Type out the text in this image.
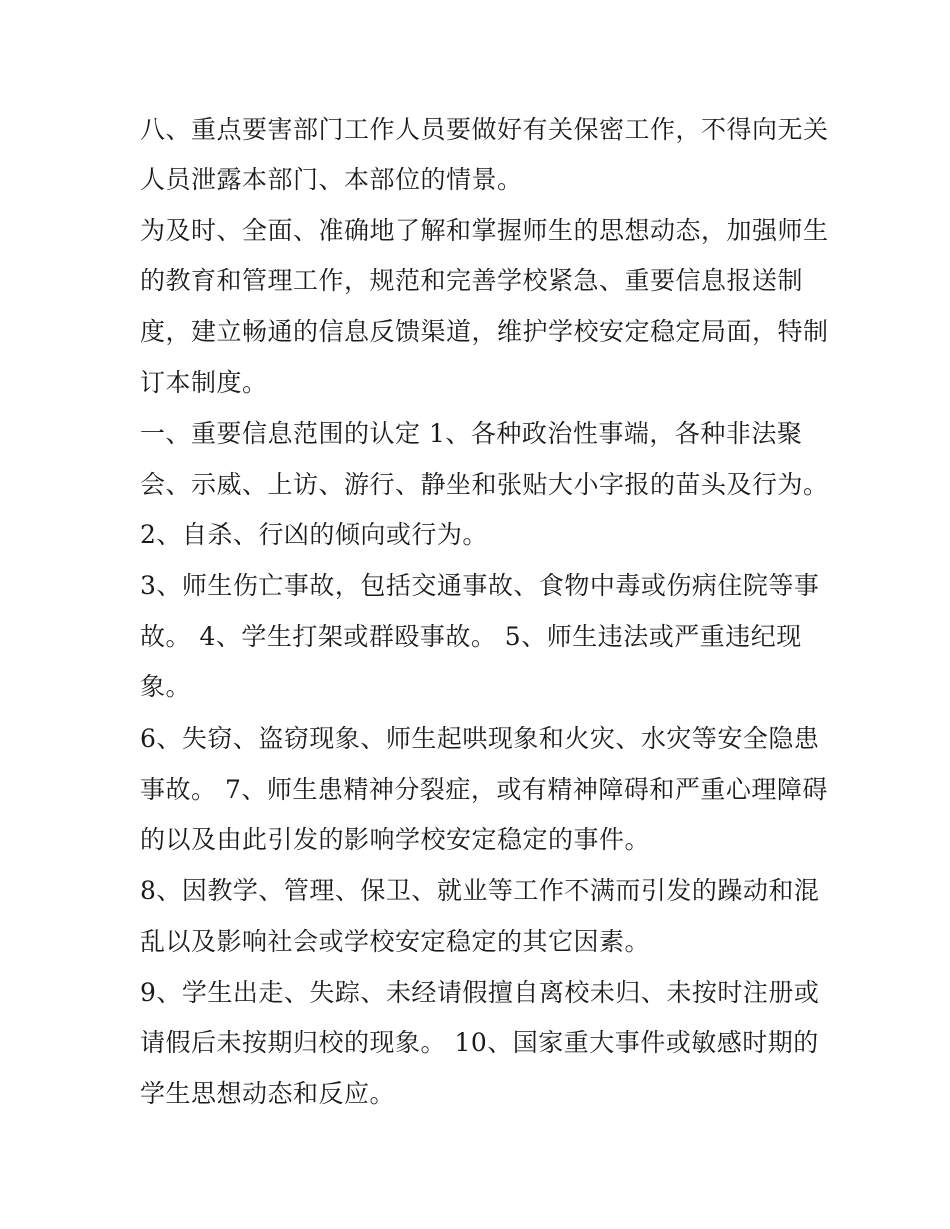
八、重点要害部门工作人员要做好有关保密工作，不得向无关
人员泄露本部门、本部位的情景。
为及时、全面、准确地了解和掌握师生的思想动态，加强师生
的教育和管理工作，规范和完善学校紧急、重要信息报送制
度，建立畅通的信息反馈渠道，维护学校安定稳定局面，特制
订本制度。
一、重要信息范围的认定 1、各种政治性事端，各种非法聚
会、示威、上访、游行、静坐和张贴大小字报的苗头及行为。
2、自杀、行凶的倾向或行为。
3、师生伤亡事故，包括交通事故、食物中毒或伤病住院等事
故。 4、学生打架或群殴事故。 5、师生违法或严重违纪现
象。
6、失窃、盗窃现象、师生起哄现象和火灾、水灾等安全隐患
事故。 7、师生患精神分裂症，或有精神障碍和严重心理障碍
的以及由此引发的影响学校安定稳定的事件。
8、因教学、管理、保卫、就业等工作不满而引发的躁动和混
乱以及影响社会或学校安定稳定的其它因素。
9、学生出走、失踪、未经请假擅自离校未归、未按时注册或
请假后未按期归校的现象。 10、国家重大事件或敏感时期的
学生思想动态和反应。
